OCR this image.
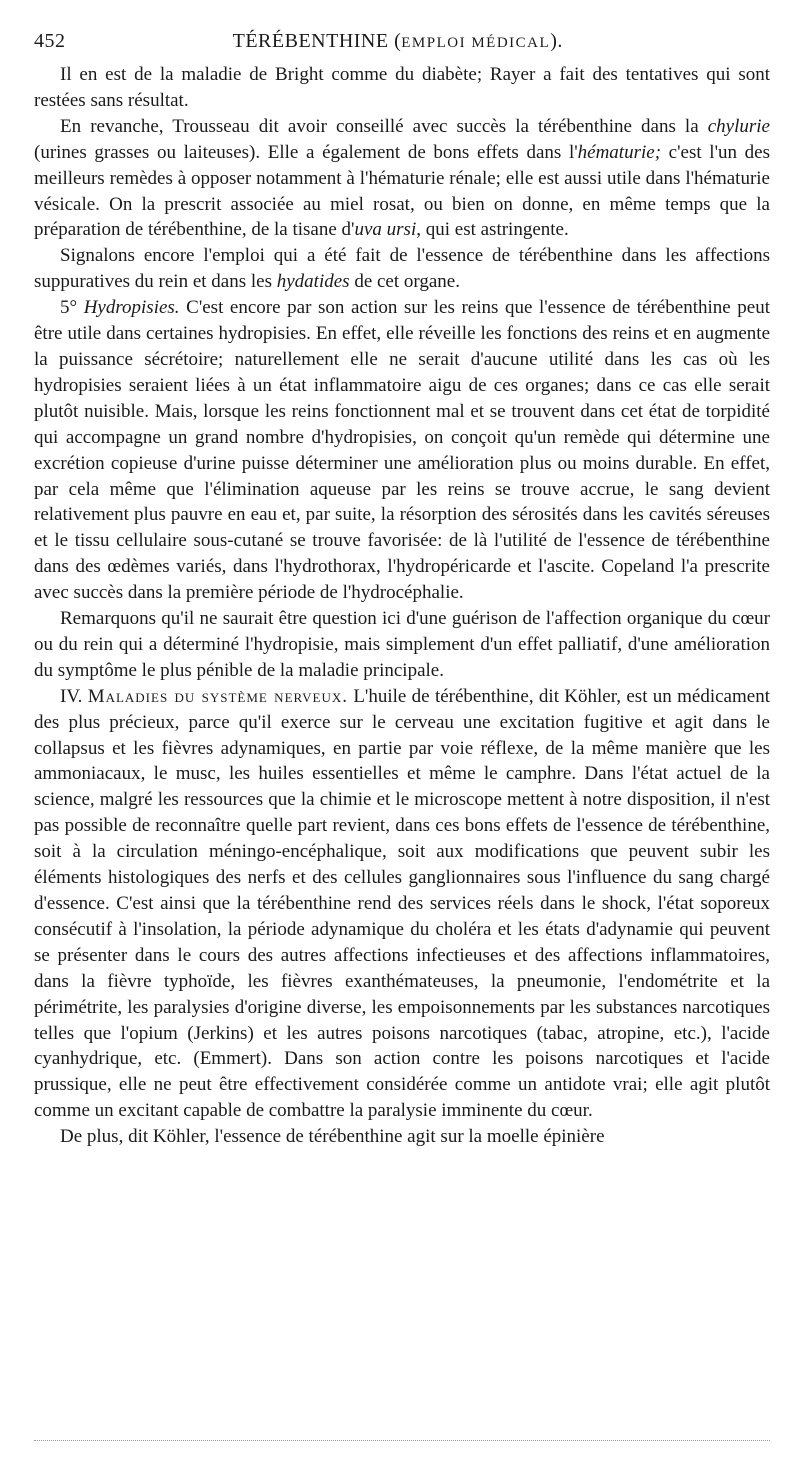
452	TÉRÉBENTHINE (EMPLOI MÉDICAL).

Il en est de la maladie de Bright comme du diabète; Rayer a fait des tentatives qui sont restées sans résultat.

En revanche, Trousseau dit avoir conseillé avec succès la térébenthine dans la chylurie (urines grasses ou laiteuses). Elle a également de bons effets dans l'hématurie; c'est l'un des meilleurs remèdes à opposer notamment à l'hématurie rénale; elle est aussi utile dans l'hématurie vésicale. On la prescrit associée au miel rosat, ou bien on donne, en même temps que la préparation de térébenthine, de la tisane d'uva ursi, qui est astringente.

Signalons encore l'emploi qui a été fait de l'essence de térébenthine dans les affections suppuratives du rein et dans les hydatides de cet organe.

5° Hydropisies. C'est encore par son action sur les reins que l'essence de térébenthine peut être utile dans certaines hydropisies. En effet, elle réveille les fonctions des reins et en augmente la puissance sécrétoire; naturellement elle ne serait d'aucune utilité dans les cas où les hydropisies seraient liées à un état inflammatoire aigu de ces organes; dans ce cas elle serait plutôt nuisible. Mais, lorsque les reins fonctionnent mal et se trouvent dans cet état de torpidité qui accompagne un grand nombre d'hydropisies, on conçoit qu'un remède qui détermine une excrétion copieuse d'urine puisse déterminer une amélioration plus ou moins durable. En effet, par cela même que l'élimination aqueuse par les reins se trouve accrue, le sang devient relativement plus pauvre en eau et, par suite, la résorption des sérosités dans les cavités séreuses et le tissu cellulaire sous-cutané se trouve favorisée: de là l'utilité de l'essence de térébenthine dans des œdèmes variés, dans l'hydrothorax, l'hydropéricarde et l'ascite. Copeland l'a prescrite avec succès dans la première période de l'hydrocéphalie.

Remarquons qu'il ne saurait être question ici d'une guérison de l'affection organique du cœur ou du rein qui a déterminé l'hydropisie, mais simplement d'un effet palliatif, d'une amélioration du symptôme le plus pénible de la maladie principale.

IV. Maladies du système nerveux. L'huile de térébenthine, dit Köhler, est un médicament des plus précieux, parce qu'il exerce sur le cerveau une excitation fugitive et agit dans le collapsus et les fièvres adynamiques, en partie par voie réflexe, de la même manière que les ammoniacaux, le musc, les huiles essentielles et même le camphre. Dans l'état actuel de la science, malgré les ressources que la chimie et le microscope mettent à notre disposition, il n'est pas possible de reconnaître quelle part revient, dans ces bons effets de l'essence de térébenthine, soit à la circulation méningo-encéphalique, soit aux modifications que peuvent subir les éléments histologiques des nerfs et des cellules ganglionnaires sous l'influence du sang chargé d'essence. C'est ainsi que la térébenthine rend des services réels dans le shock, l'état soporeux consécutif à l'insolation, la période adynamique du choléra et les états d'adynamie qui peuvent se présenter dans le cours des autres affections infectieuses et des affections inflammatoires, dans la fièvre typhoïde, les fièvres exanthémateuses, la pneumonie, l'endométrite et la périmétrite, les paralysies d'origine diverse, les empoisonnements par les substances narcotiques telles que l'opium (Jerkins) et les autres poisons narcotiques (tabac, atropine, etc.), l'acide cyanhydrique, etc. (Emmert). Dans son action contre les poisons narcotiques et l'acide prussique, elle ne peut être effectivement considérée comme un antidote vrai; elle agit plutôt comme un excitant capable de combattre la paralysie imminente du cœur.

De plus, dit Köhler, l'essence de térébenthine agit sur la moelle épinière
